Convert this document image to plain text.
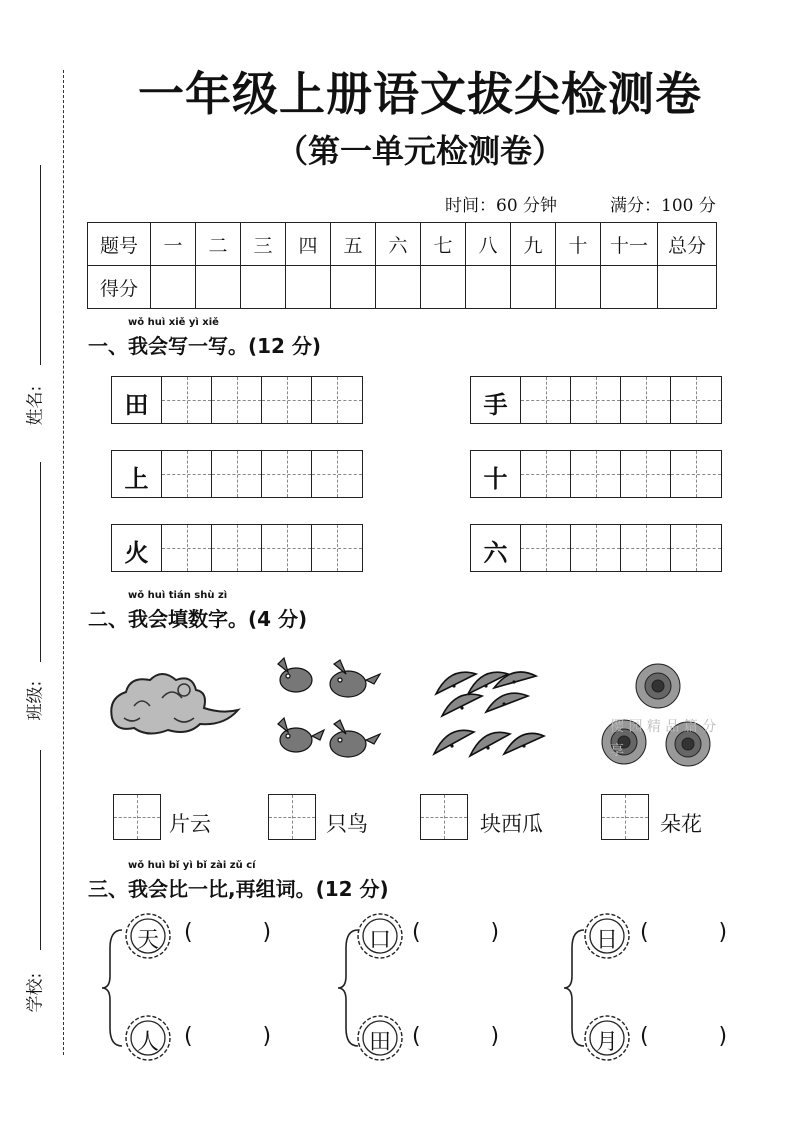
姓名:
班级:
学校:
一年级上册语文拔尖检测卷
（第一单元检测卷）
时间：60 分钟	满分：100 分
题号	一	二	三	四	五	六	七	八	九	十	十一	总分
得分												
wǒ huì xiě yì xiě
一、我会写一写。(12 分)
田	手
上	十
火	六
wǒ huì tián shù zì
二、我会填数字。(4 分)
樱 园 精 品 篇 分 享
片云	只鸟	块西瓜	朵花
wǒ huì bǐ yì bǐ zài zǔ cí
三、我会比一比,再组词。(12 分)
天	(          )
人	(          )
口 (          )
田 (          )
日	(          )
月	(          )
